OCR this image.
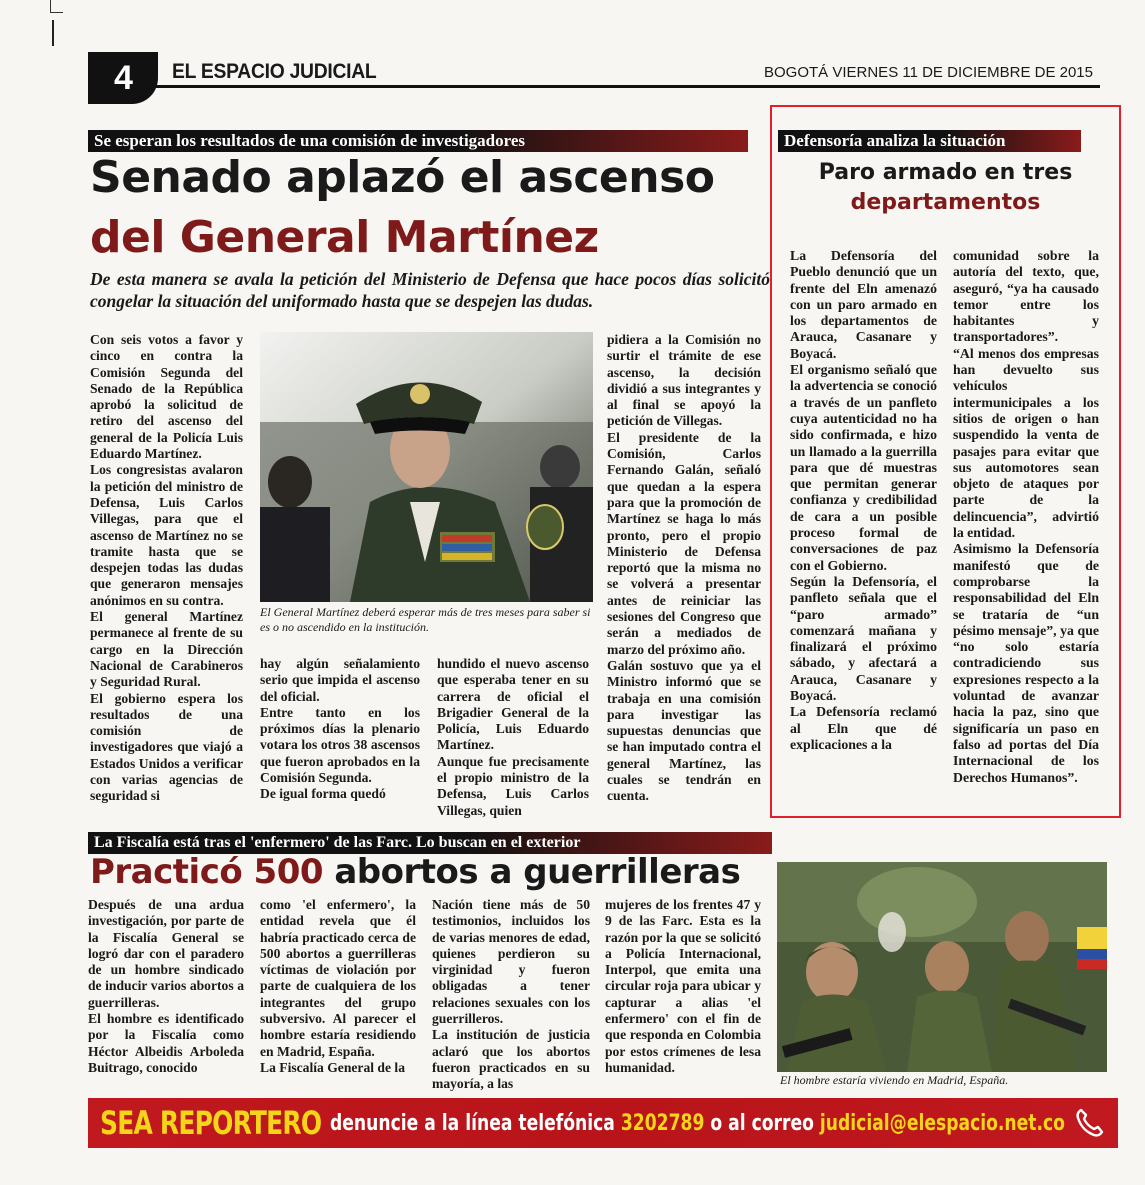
4	EL ESPACIO JUDICIAL	BOGOTÁ VIERNES 11 DE DICIEMBRE DE 2015
Se esperan los resultados de una comisión de investigadores
Senado aplazó el ascenso
del General Martínez
De esta manera se avala la petición del Ministerio de Defensa que hace pocos días solicitó congelar la situación del uniformado hasta que se despejen las dudas.

Con seis votos a favor y cinco en contra la Comisión Segunda del Senado de la República aprobó la solicitud de retiro del ascenso del general de la Policía Luis Eduardo Martínez.

Los congresistas avalaron la petición del ministro de Defensa, Luis Carlos Villegas, para que el ascenso de Martínez no se tramite hasta que se despejen todas las dudas que generaron mensajes anónimos en su contra.

El general Martínez permanece al frente de su cargo en la Dirección Nacional de Carabineros y Seguridad Rural.

El gobierno espera los resultados de una comisión de investigadores que viajó a Estados Unidos a verificar con varias agencias de seguridad si

El General Martínez deberá esperar más de tres meses para saber si es o no ascendido en la institución.

hay algún señalamiento serio que impida el ascenso del oficial.

Entre tanto en los próximos días la plenario votara los otros 38 ascensos que fueron aprobados en la Comisión Segunda.

De igual forma quedó

hundido el nuevo ascenso que esperaba tener en su carrera de oficial el Brigadier General de la Policía, Luis Eduardo Martínez.

Aunque fue precisamente el propio ministro de la Defensa, Luis Carlos Villegas, quien

pidiera a la Comisión no surtir el trámite de ese ascenso, la decisión dividió a sus integrantes y al final se apoyó la petición de Villegas.

El presidente de la Comisión, Carlos Fernando Galán, señaló que quedan a la espera para que la promoción de Martínez se haga lo más pronto, pero el propio Ministerio de Defensa reportó que la misma no se volverá a presentar antes de reiniciar las sesiones del Congreso que serán a mediados de marzo del próximo año.

Galán sostuvo que ya el Ministro informó que se trabaja en una comisión para investigar las supuestas denuncias que se han imputado contra el general Martínez, las cuales se tendrán en cuenta.

Defensoría analiza la situación
Paro armado en tres
departamentos

La Defensoría del Pueblo denunció que un frente del Eln amenazó con un paro armado en los departamentos de Arauca, Casanare y Boyacá.

El organismo señaló que la advertencia se conoció a través de un panfleto cuya autenticidad no ha sido confirmada, e hizo un llamado a la guerrilla para que dé muestras que permitan generar confianza y credibilidad de cara a un posible proceso formal de conversaciones de paz con el Gobierno.

Según la Defensoría, el panfleto señala que el “paro armado” comenzará mañana y finalizará el próximo sábado, y afectará a Arauca, Casanare y Boyacá.

La Defensoría reclamó al Eln que dé explicaciones a la

comunidad sobre la autoría del texto, que, aseguró, “ya ha causado temor entre los habitantes y transportadores”.

“Al menos dos empresas han devuelto sus vehículos intermunicipales a los sitios de origen o han suspendido la venta de pasajes para evitar que sus automotores sean objeto de ataques por parte de la delincuencia”, advirtió la entidad.

Asimismo la Defensoría manifestó que de comprobarse la responsabilidad del Eln se trataría de “un pésimo mensaje”, ya que “no solo estaría contradiciendo sus expresiones respecto a la voluntad de avanzar hacia la paz, sino que significaría un paso en falso ad portas del Día Internacional de los Derechos Humanos”.

La Fiscalía está tras el 'enfermero' de las Farc. Lo buscan en el exterior
Practicó 500 abortos a guerrilleras

Después de una ardua investigación, por parte de la Fiscalía General se logró dar con el paradero de un hombre sindicado de inducir varios abortos a guerrilleras.

El hombre es identificado por la Fiscalía como Héctor Albeidis Arboleda Buitrago, conocido

como 'el enfermero', la entidad revela que él habría practicado cerca de 500 abortos a guerrilleras víctimas de violación por parte de cualquiera de los integrantes del grupo subversivo. Al parecer el hombre estaría residiendo en Madrid, España.

La Fiscalía General de la

Nación tiene más de 50 testimonios, incluidos los de varias menores de edad, quienes perdieron su virginidad y fueron obligadas a tener relaciones sexuales con los guerrilleros.

La institución de justicia aclaró que los abortos fueron practicados en su mayoría, a las

mujeres de los frentes 47 y 9 de las Farc. Esta es la razón por la que se solicitó a Policía Internacional, Interpol, que emita una circular roja para ubicar y capturar a alias 'el enfermero' con el fin de que responda en Colombia por estos crímenes de lesa humanidad.

El hombre estaría viviendo en Madrid, España.
SEA REPORTERO denuncie a la línea telefónica 3202789 o al correo judicial@elespacio.net.co
